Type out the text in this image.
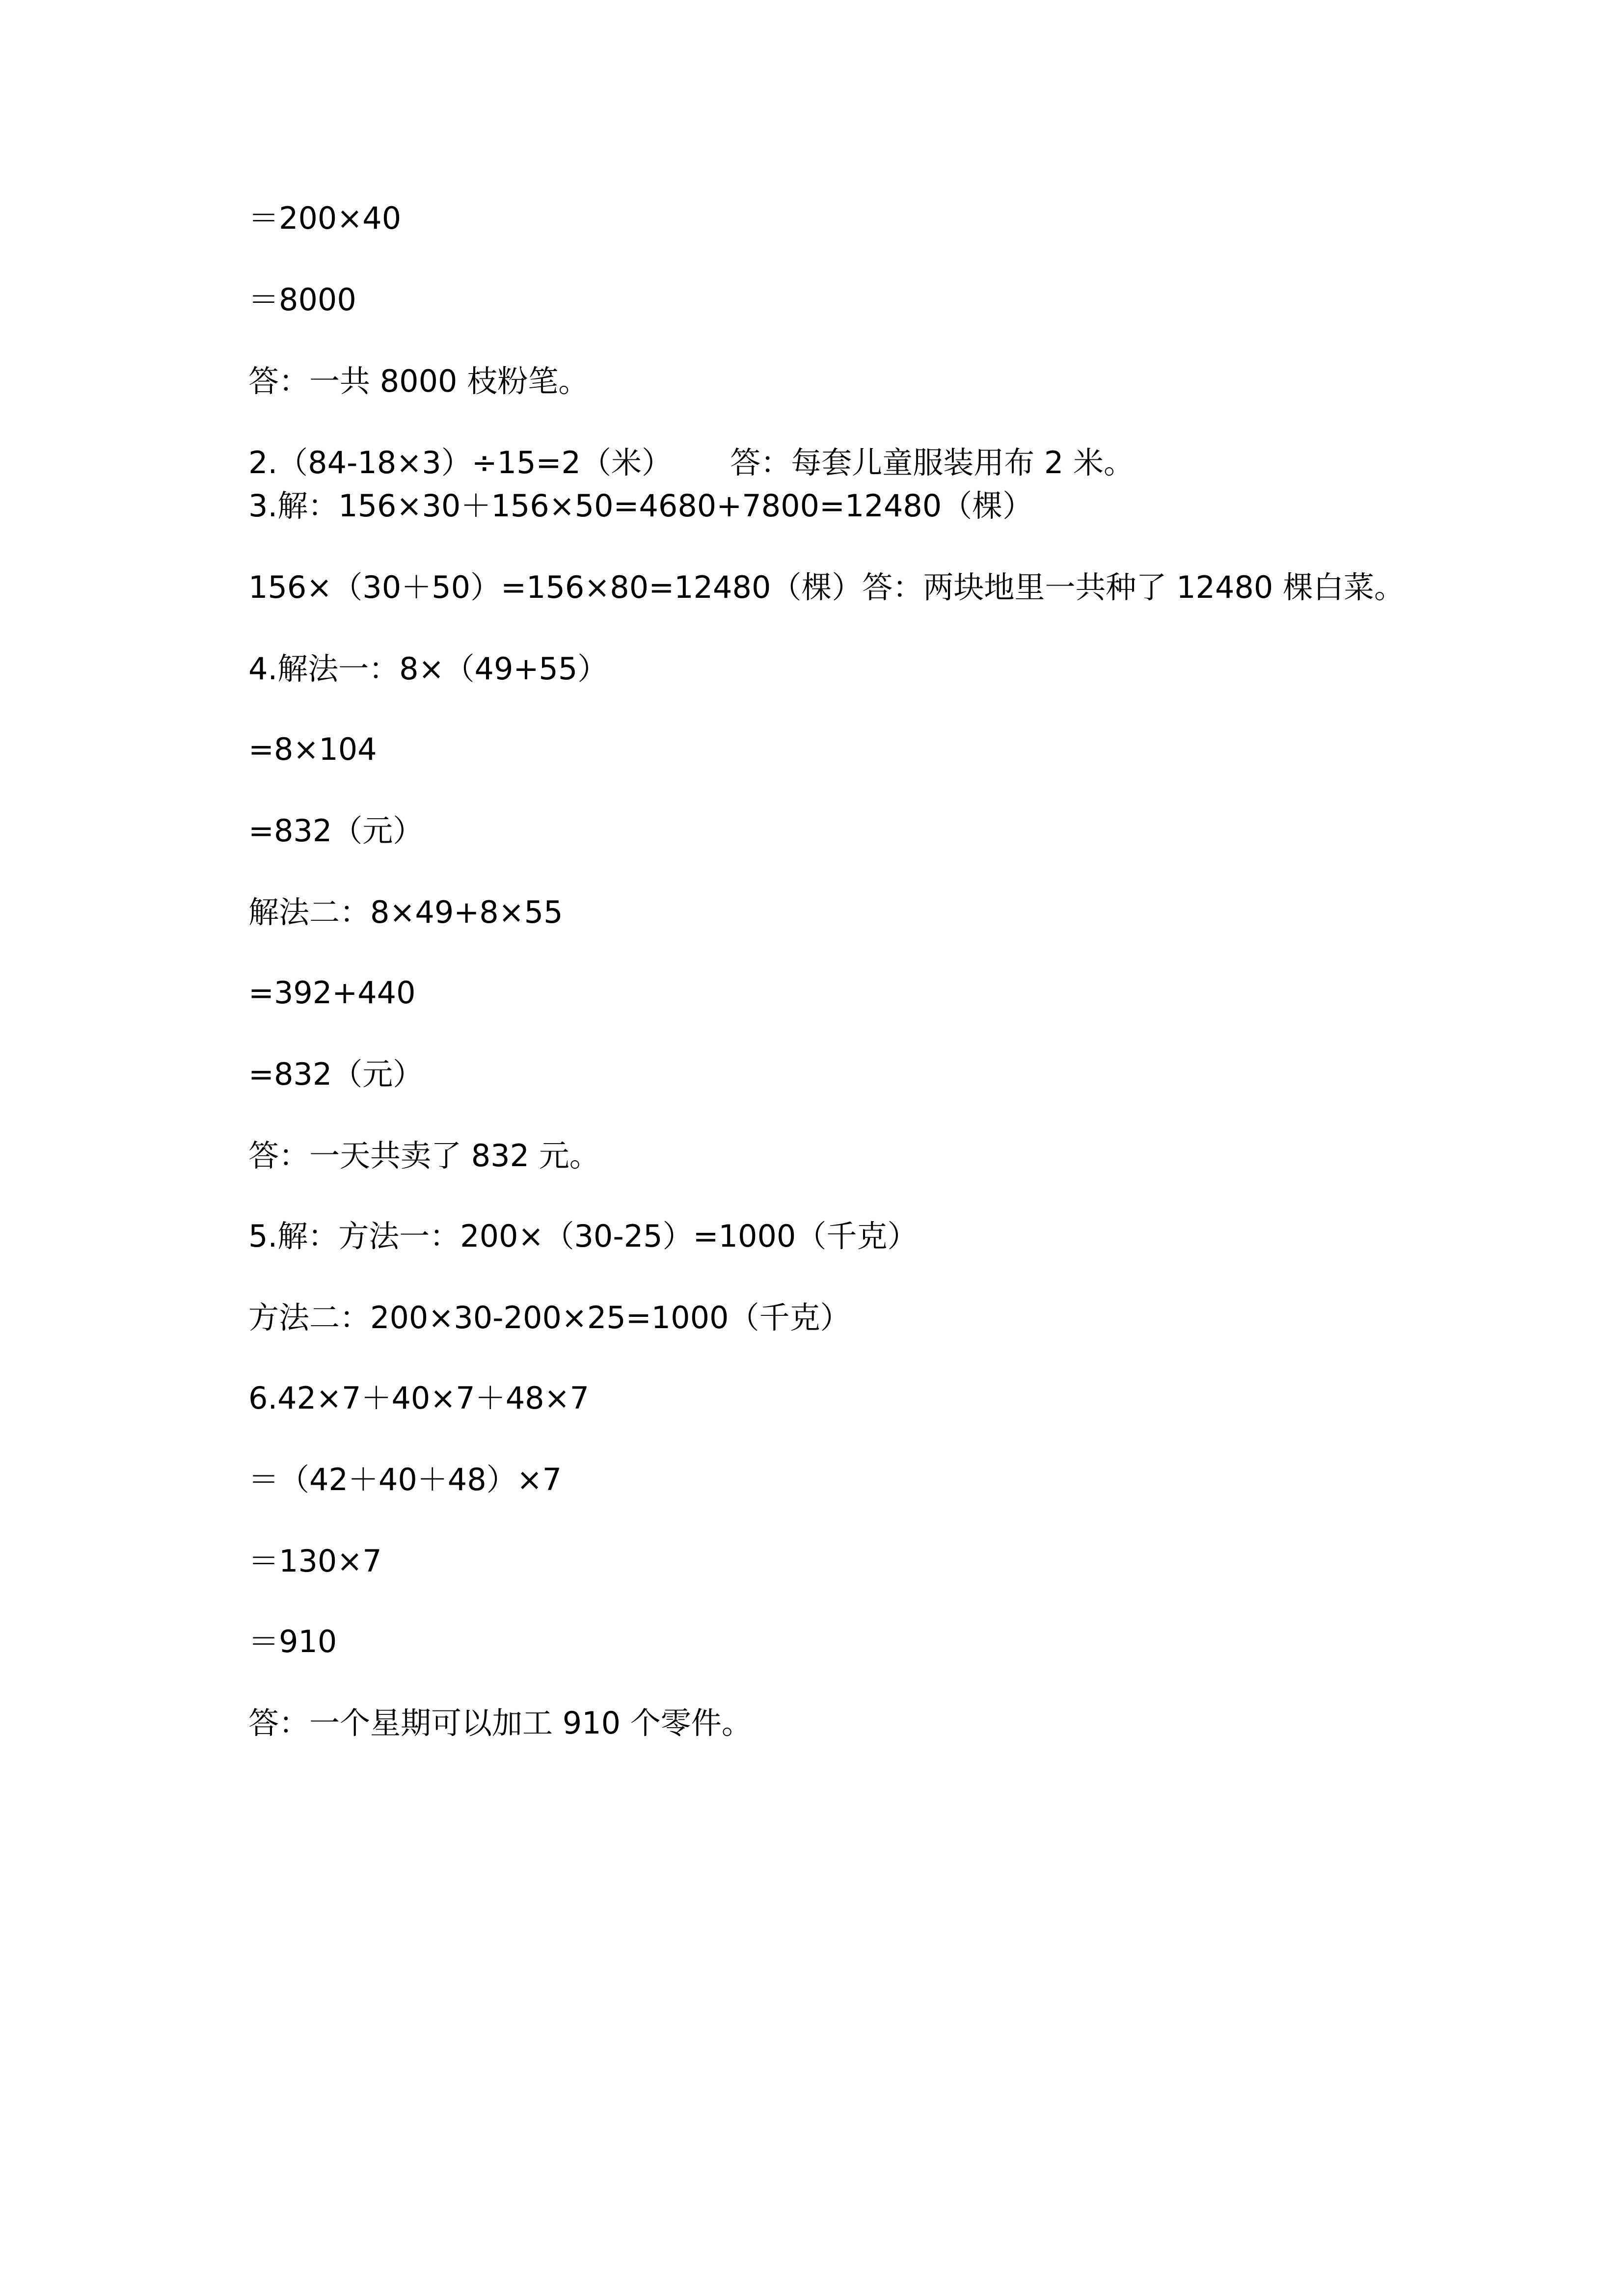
＝200×40

＝8000

答：一共 8000 枝粉笔。

2.（84-18×3）÷15=2（米）      答：每套儿童服装用布 2 米。

3.解：156×30＋156×50=4680+7800=12480（棵）

156×（30＋50）=156×80=12480（棵）答：两块地里一共种了 12480 棵白菜。

4.解法一：8×（49+55）

=8×104

=832（元）

解法二：8×49+8×55

=392+440

=832（元）

答：一天共卖了 832 元。

5.解：方法一：200×（30-25）=1000（千克）

方法二：200×30-200×25=1000（千克）

6.42×7＋40×7＋48×7

＝（42＋40＋48）×7

＝130×7

＝910

答：一个星期可以加工 910 个零件。
